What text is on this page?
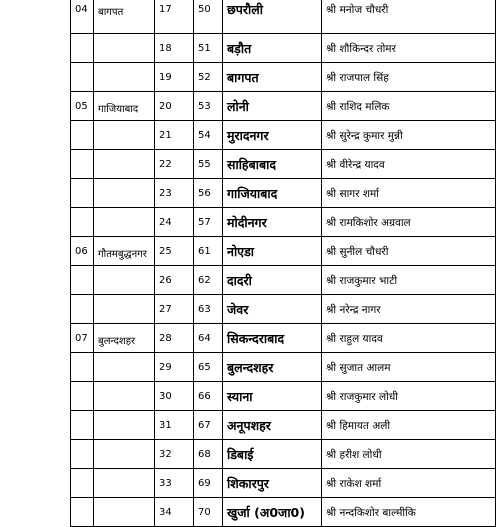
04	बागपत	17	50	छपरौली	श्री मनोज चौधरी
		18	51	बड़ौत	श्री शौकिन्दर तोमर
		19	52	बागपत	श्री राजपाल सिंह
05	गाजियाबाद	20	53	लोनी	श्री राशिद मलिक
		21	54	मुरादनगर	श्री सुरेन्द्र कुमार मुन्नी
		22	55	साहिबाबाद	श्री वीरेन्द्र यादव
		23	56	गाजियाबाद	श्री सागर शर्मा
		24	57	मोदीनगर	श्री रामकिशोर अग्रवाल
06	गौतमबुद्धनगर	25	61	नोएडा	श्री सुनील चौधरी
		26	62	दादरी	श्री राजकुमार भाटी
		27	63	जेवर	श्री नरेन्द्र नागर
07	बुलन्दशहर	28	64	सिकन्दराबाद	श्री राहुल यादव
		29	65	बुलन्दशहर	श्री सुजात आलम
		30	66	स्याना	श्री राजकुमार लोधी
		31	67	अनूपशहर	श्री हिमायत अली
		32	68	डिबाई	श्री हरीश लोधी
		33	69	शिकारपुर	श्री राकेश शर्मा
		34	70	खुर्जा (अ0जा0)	श्री नन्दकिशोर बाल्मीकि
